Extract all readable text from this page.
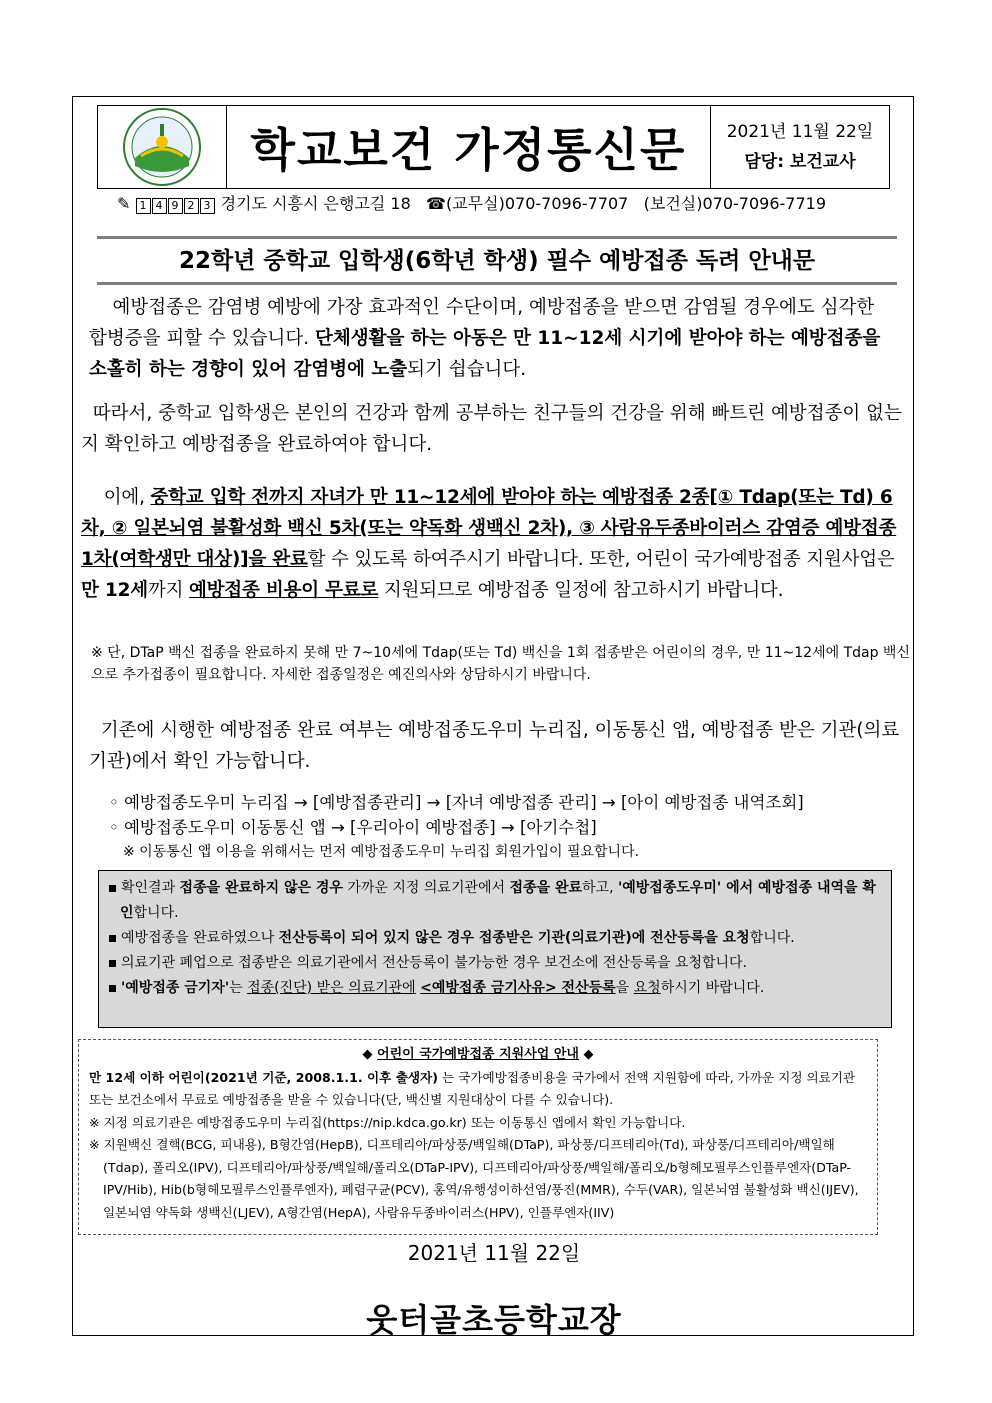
학교보건 가정통신문	2021년 11월 22일
담당: 보건교사
✎ 1 4 9 2 3 경기도 시흥시 은행고길 18 ☎(교무실)070-7096-7707 (보건실)070-7096-7719
22학년 중학교 입학생(6학년 학생) 필수 예방접종 독려 안내문
예방접종은 감염병 예방에 가장 효과적인 수단이며, 예방접종을 받으면 감염될 경우에도 심각한 합병증을 피할 수 있습니다. 단체생활을 하는 아동은 만 11~12세 시기에 받아야 하는 예방접종을 소홀히 하는 경향이 있어 감염병에 노출되기 쉽습니다.
따라서, 중학교 입학생은 본인의 건강과 함께 공부하는 친구들의 건강을 위해 빠트린 예방접종이 없는지 확인하고 예방접종을 완료하여야 합니다.
이에, 중학교 입학 전까지 자녀가 만 11~12세에 받아야 하는 예방접종 2종[① Tdap(또는 Td) 6차, ② 일본뇌염 불활성화 백신 5차(또는 약독화 생백신 2차), ③ 사람유두종바이러스 감염증 예방접종 1차(여학생만 대상)]을 완료할 수 있도록 하여주시기 바랍니다. 또한, 어린이 국가예방접종 지원사업은 만 12세까지 예방접종 비용이 무료로 지원되므로 예방접종 일정에 참고하시기 바랍니다.
※ 단, DTaP 백신 접종을 완료하지 못해 만 7~10세에 Tdap(또는 Td) 백신을 1회 접종받은 어린이의 경우, 만 11~12세에 Tdap 백신으로 추가접종이 필요합니다. 자세한 접종일정은 예진의사와 상담하시기 바랍니다.
기존에 시행한 예방접종 완료 여부는 예방접종도우미 누리집, 이동통신 앱, 예방접종 받은 기관(의료기관)에서 확인 가능합니다.
◦ 예방접종도우미 누리집 → [예방접종관리] → [자녀 예방접종 관리] → [아이 예방접종 내역조회]
◦ 예방접종도우미 이동통신 앱 → [우리아이 예방접종] → [아기수첩]
※ 이동통신 앱 이용을 위해서는 먼저 예방접종도우미 누리집 회원가입이 필요합니다.
확인결과 접종을 완료하지 않은 경우 가까운 지정 의료기관에서 접종을 완료하고, '예방접종도우미' 에서 예방접종 내역을 확인합니다.
예방접종을 완료하였으나 전산등록이 되어 있지 않은 경우 접종받은 기관(의료기관)에 전산등록을 요청합니다.
의료기관 폐업으로 접종받은 의료기관에서 전산등록이 불가능한 경우 보건소에 전산등록을 요청합니다.
'예방접종 금기자'는 접종(진단) 받은 의료기관에 <예방접종 금기사유> 전산등록을 요청하시기 바랍니다.
◆ 어린이 국가예방접종 지원사업 안내 ◆
만 12세 이하 어린이(2021년 기준, 2008.1.1. 이후 출생자) 는 국가예방접종비용을 국가에서 전액 지원함에 따라, 가까운 지정 의료기관 또는 보건소에서 무료로 예방접종을 받을 수 있습니다(단, 백신별 지원대상이 다를 수 있습니다).
※ 지정 의료기관은 예방접종도우미 누리집(https://nip.kdca.go.kr) 또는 이동통신 앱에서 확인 가능합니다.
※ 지원백신 결핵(BCG, 피내용), B형간염(HepB), 디프테리아/파상풍/백일해(DTaP), 파상풍/디프테리아(Td), 파상풍/디프테리아/백일해(Tdap), 폴리오(IPV), 디프테리아/파상풍/백일해/폴리오(DTaP-IPV), 디프테리아/파상풍/백일해/폴리오/b형헤모필루스인플루엔자(DTaP-IPV/Hib), Hib(b형헤모필루스인플루엔자), 폐렴구균(PCV), 홍역/유행성이하선염/풍진(MMR), 수두(VAR), 일본뇌염 불활성화 백신(IJEV), 일본뇌염 약독화 생백신(LJEV), A형간염(HepA), 사람유두종바이러스(HPV), 인플루엔자(IIV)
2021년 11월 22일
웃터골초등학교장
